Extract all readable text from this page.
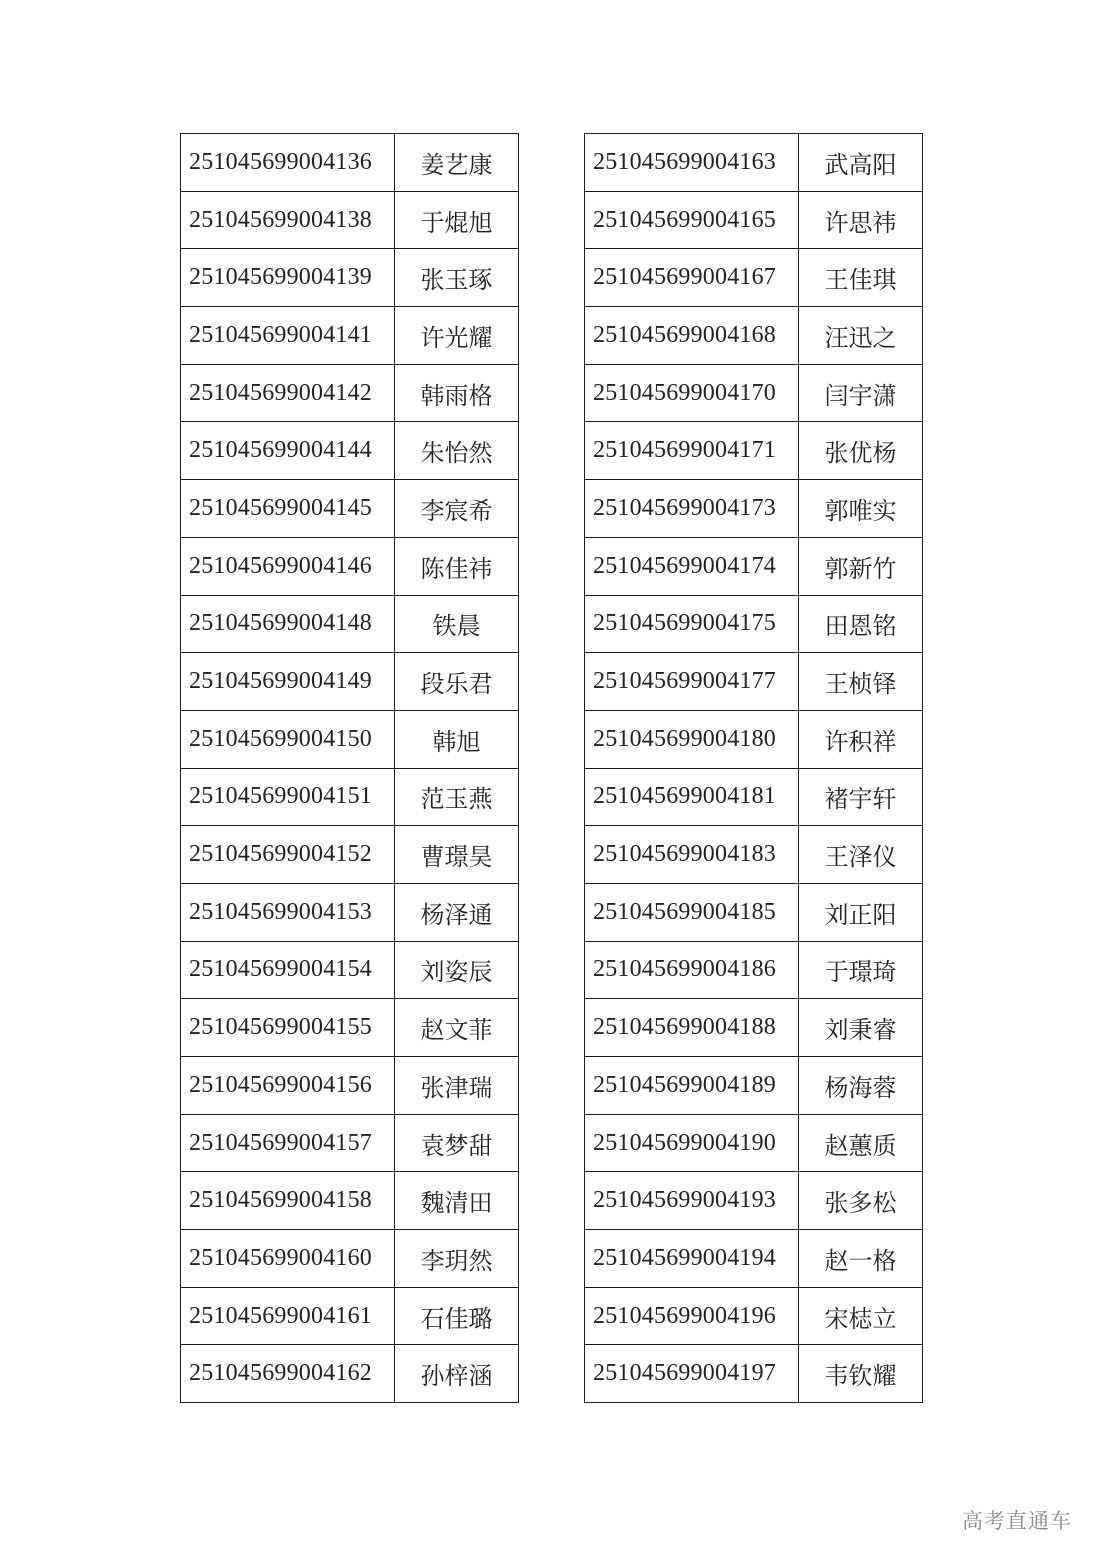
251045699004136	姜艺康
251045699004138	于焜旭
251045699004139	张玉琢
251045699004141	许光耀
251045699004142	韩雨格
251045699004144	朱怡然
251045699004145	李宸希
251045699004146	陈佳祎
251045699004148	铁晨
251045699004149	段乐君
251045699004150	韩旭
251045699004151	范玉燕
251045699004152	曹璟昊
251045699004153	杨泽通
251045699004154	刘姿辰
251045699004155	赵文菲
251045699004156	张津瑞
251045699004157	袁梦甜
251045699004158	魏清田
251045699004160	李玥然
251045699004161	石佳璐
251045699004162	孙梓涵
251045699004163	武高阳
251045699004165	许思祎
251045699004167	王佳琪
251045699004168	汪迅之
251045699004170	闫宇潇
251045699004171	张优杨
251045699004173	郭唯实
251045699004174	郭新竹
251045699004175	田恩铭
251045699004177	王桢铎
251045699004180	许积祥
251045699004181	褚宇轩
251045699004183	王泽仪
251045699004185	刘正阳
251045699004186	于璟琦
251045699004188	刘秉睿
251045699004189	杨海蓉
251045699004190	赵蕙质
251045699004193	张多松
251045699004194	赵一格
251045699004196	宋梽立
251045699004197	韦钦耀
高考直通车
